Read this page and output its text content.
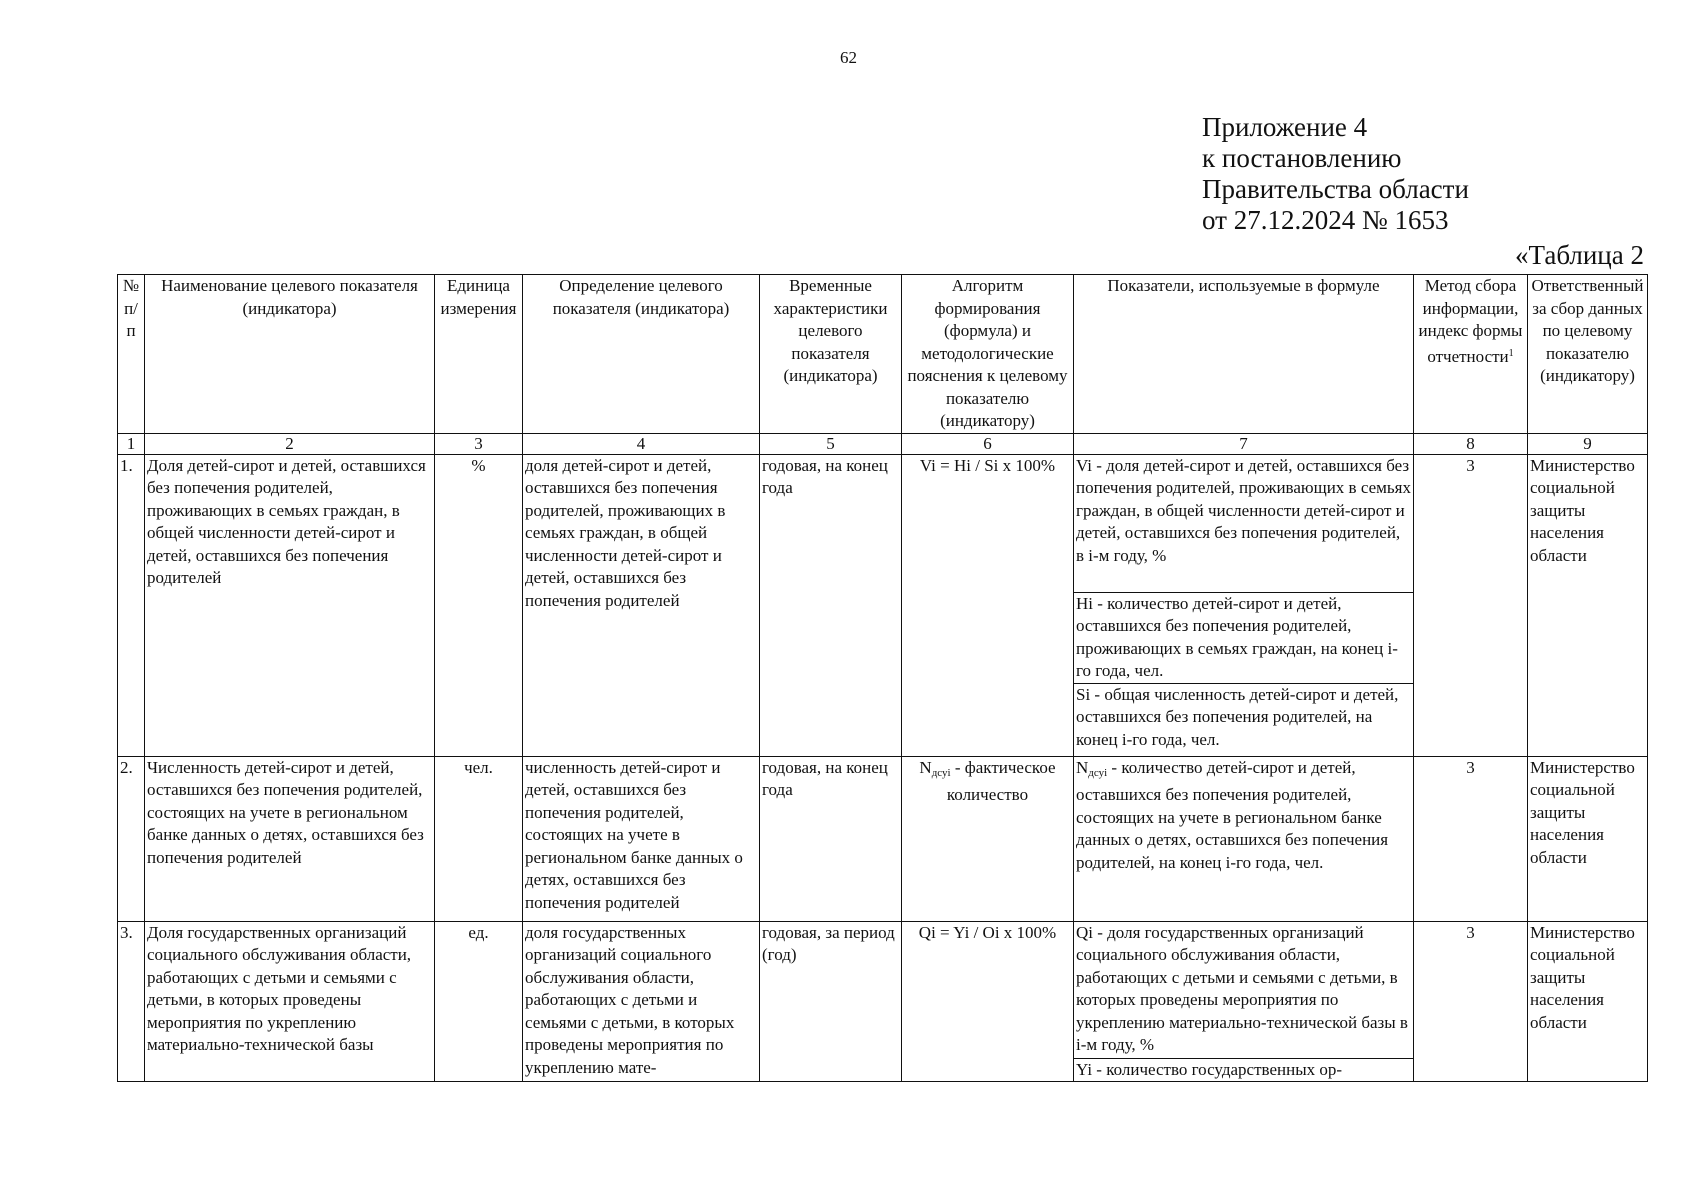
62
Приложение 4
к постановлению
Правительства области
от 27.12.2024 № 1653
«Таблица 2
№ п/п	Наименование целевого показателя (индикатора)	Единица измерения	Определение целевого показателя (индикатора)	Временные характеристики целевого показателя (индикатора)	Алгоритм формирования (формула) и методологические пояснения к целевому показателю (индикатору)	Показатели, используемые в формуле	Метод сбора информации, индекс формы отчетности$^1$	Ответственный за сбор данных по целевому показателю (индикатору)
1	2	3	4	5	6	7	8	9
1.	Доля детей-сирот и детей, оставшихся без попечения родителей, проживающих в семьях граждан, в общей численности детей-сирот и детей, оставшихся без попечения родителей	%	доля детей-сирот и детей, оставшихся без попечения родителей, проживающих в семьях граждан, в общей численности детей-сирот и детей, оставшихся без попечения родителей	годовая, на конец года	Vi = Hi / Si x 100%	Vi - доля детей-сирот и детей, оставшихся без попечения родителей, проживающих в семьях граждан, в общей численности детей-сирот и детей, оставшихся без попечения родителей, в i-м году, %
Hi - количество детей-сирот и детей, оставшихся без попечения родителей, проживающих в семьях граждан, на конец i-го года, чел.
Si - общая численность детей-сирот и детей, оставшихся без попечения родителей, на конец i-го года, чел.	3	Министерство социальной защиты населения области
2.	Численность детей-сирот и детей, оставшихся без попечения родителей, состоящих на учете в региональном банке данных о детях, оставшихся без попечения родителей	чел.	численность детей-сирот и детей, оставшихся без попечения родителей, состоящих на учете в региональном банке данных о детях, оставшихся без попечения родителей	годовая, на конец года	$N_{дсуi}$ - фактическое количество	$N_{дсуi}$ - количество детей-сирот и детей, оставшихся без попечения родителей, состоящих на учете в региональном банке данных о детях, оставшихся без попечения родителей, на конец i-го года, чел.	3	Министерство социальной защиты населения области
3.	Доля государственных организаций социального обслуживания области, работающих с детьми и семьями с детьми, в которых проведены мероприятия по укреплению материально-технической базы	ед.	доля государственных организаций социального обслуживания области, работающих с детьми и семьями с детьми, в которых проведены мероприятия по укреплению мате-	годовая, за период (год)	Qi = Yi / Oi x 100%	Qi - доля государственных организаций социального обслуживания области, работающих с детьми и семьями с детьми, в которых проведены мероприятия по укреплению материально-технической базы в i-м году, %
Yi - количество государственных ор-	3	Министерство социальной защиты населения области
